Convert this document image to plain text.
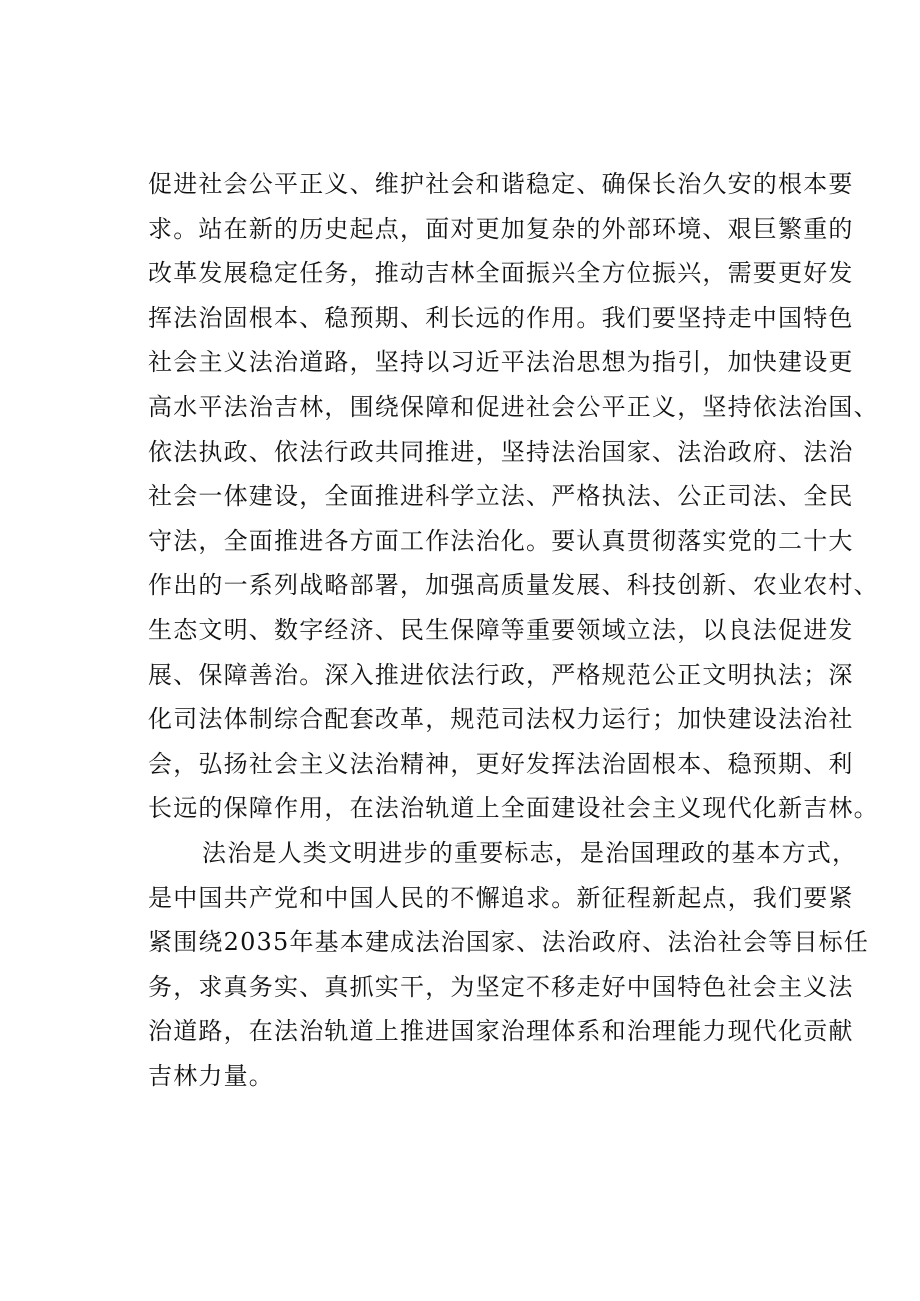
促进社会公平正义、维护社会和谐稳定、确保长治久安的根本要
求。站在新的历史起点，面对更加复杂的外部环境、艰巨繁重的
改革发展稳定任务，推动吉林全面振兴全方位振兴，需要更好发
挥法治固根本、稳预期、利长远的作用。我们要坚持走中国特色
社会主义法治道路，坚持以习近平法治思想为指引，加快建设更
高水平法治吉林，围绕保障和促进社会公平正义，坚持依法治国、
依法执政、依法行政共同推进，坚持法治国家、法治政府、法治
社会一体建设，全面推进科学立法、严格执法、公正司法、全民
守法，全面推进各方面工作法治化。要认真贯彻落实党的二十大
作出的一系列战略部署，加强高质量发展、科技创新、农业农村、
生态文明、数字经济、民生保障等重要领域立法，以良法促进发
展、保障善治。深入推进依法行政，严格规范公正文明执法；深
化司法体制综合配套改革，规范司法权力运行；加快建设法治社
会，弘扬社会主义法治精神，更好发挥法治固根本、稳预期、利
长远的保障作用，在法治轨道上全面建设社会主义现代化新吉林。
法治是人类文明进步的重要标志，是治国理政的基本方式，
是中国共产党和中国人民的不懈追求。新征程新起点，我们要紧
紧围绕2035年基本建成法治国家、法治政府、法治社会等目标任
务，求真务实、真抓实干，为坚定不移走好中国特色社会主义法
治道路，在法治轨道上推进国家治理体系和治理能力现代化贡献
吉林力量。
